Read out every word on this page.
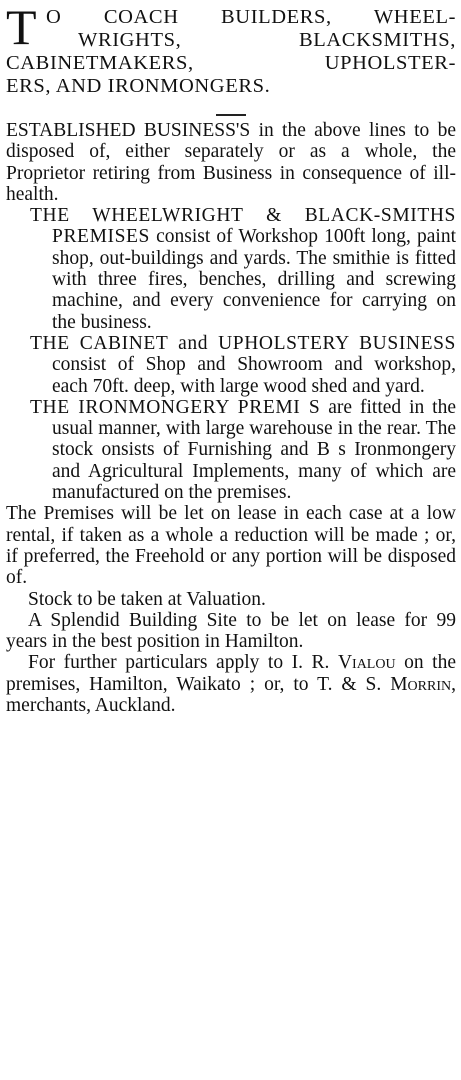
T O COACH BUILDERS, WHEEL-
WRIGHTS, BLACKSMITHS,
CABINETMAKERS, UPHOLSTER-
ERS, AND IRONMONGERS.

ESTABLISHED BUSINESS'S in the above lines to be disposed of, either separately or as a whole, the Proprietor retiring from Business in consequence of ill-health.

THE WHEELWRIGHT & BLACK-SMITHS PREMISES consist of Workshop 100ft long, paint shop, out-buildings and yards. The smithie is fitted with three fires, benches, drilling and screwing machine, and every convenience for carrying on the business.

THE CABINET and UPHOLSTERY BUSINESS consist of Shop and Showroom and workshop, each 70ft. deep, with large wood shed and yard.

THE IRONMONGERY PREMI S are fitted in the usual manner, with large warehouse in the rear. The stock onsists of Furnishing and B s Ironmongery and Agricultural Implements, many of which are manufactured on the premises.

The Premises will be let on lease in each case at a low rental, if taken as a whole a reduction will be made ; or, if preferred, the Freehold or any portion will be disposed of.

Stock to be taken at Valuation.

A Splendid Building Site to be let on lease for 99 years in the best position in Hamilton.

For further particulars apply to I. R. Vialou on the premises, Hamilton, Waikato ; or, to T. & S. Morrin, merchants, Auckland.
